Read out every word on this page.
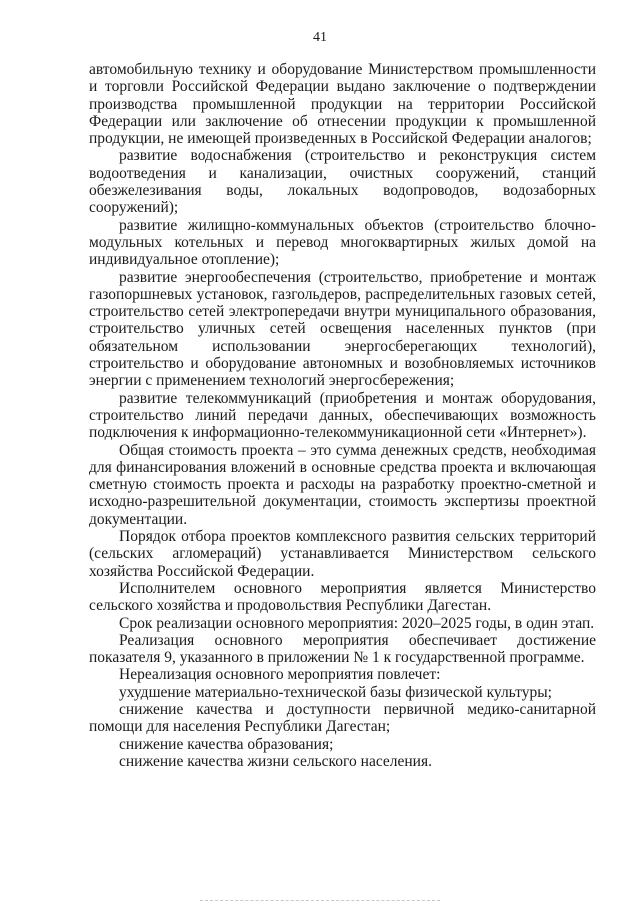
41

автомобильную технику и оборудование Министерством промышленности и торговли Российской Федерации выдано заключение о подтверждении производства промышленной продукции на территории Российской Федерации или заключение об отнесении продукции к промышленной продукции, не имеющей произведенных в Российской Федерации аналогов;

развитие водоснабжения (строительство и реконструкция систем водоотведения и канализации, очистных сооружений, станций обезжелезивания воды, локальных водопроводов, водозаборных сооружений);

развитие жилищно-коммунальных объектов (строительство блочно-модульных котельных и перевод многоквартирных жилых домой на индивидуальное отопление);

развитие энергообеспечения (строительство, приобретение и монтаж газопоршневых установок, газгольдеров, распределительных газовых сетей, строительство сетей электропередачи внутри муниципального образования, строительство уличных сетей освещения населенных пунктов (при обязательном использовании энергосберегающих технологий), строительство и оборудование автономных и возобновляемых источников энергии с применением технологий энергосбережения;

развитие телекоммуникаций (приобретения и монтаж оборудования, строительство линий передачи данных, обеспечивающих возможность подключения к информационно-телекоммуникационной сети «Интернет»).

Общая стоимость проекта – это сумма денежных средств, необходимая для финансирования вложений в основные средства проекта и включающая сметную стоимость проекта и расходы на разработку проектно-сметной и исходно-разрешительной документации, стоимость экспертизы проектной документации.

Порядок отбора проектов комплексного развития сельских территорий (сельских агломераций) устанавливается Министерством сельского хозяйства Российской Федерации.

Исполнителем основного мероприятия является Министерство сельского хозяйства и продовольствия Республики Дагестан.

Срок реализации основного мероприятия: 2020–2025 годы, в один этап.

Реализация основного мероприятия обеспечивает достижение показателя 9, указанного в приложении № 1 к государственной программе.

Нереализация основного мероприятия повлечет:

ухудшение материально-технической базы физической культуры;

снижение качества и доступности первичной медико-санитарной помощи для населения Республики Дагестан;

снижение качества образования;

снижение качества жизни сельского населения.
